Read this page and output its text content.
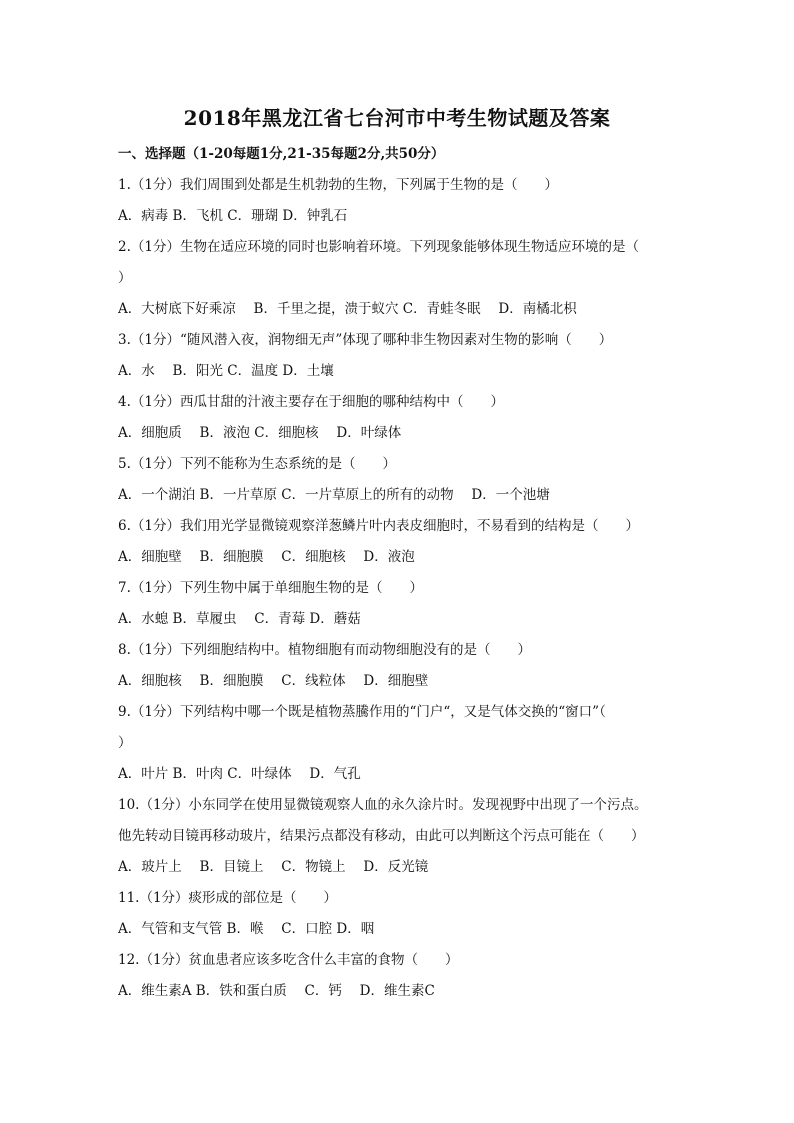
2018年黑龙江省七台河市中考生物试题及答案
一、选择题（1-20每题1分,21-35每题2分,共50分）
1.（1分）我们周围到处都是生机勃勃的生物，下列属于生物的是（　　）
A．病毒 B．飞机 C．珊瑚 D．钟乳石
2.（1分）生物在适应环境的同时也影响着环境。下列现象能够体现生物适应环境的是（
）
A．大树底下好乘凉　 B．千里之提，溃于蚁穴 C．青蛙冬眠　 D．南橘北枳
3.（1分）“随风潜入夜，润物细无声”体现了哪种非生物因素对生物的影响（　　）
A．水　 B．阳光 C．温度 D．土壤
4.（1分）西瓜甘甜的汁液主要存在于细胞的哪种结构中（　　）
A．细胞质　 B．液泡 C．细胞核　 D．叶绿体
5.（1分）下列不能称为生态系统的是（　　）
A．一个湖泊 B．一片草原 C．一片草原上的所有的动物　 D．一个池塘
6.（1分）我们用光学显微镜观察洋葱鳞片叶内表皮细胞时，不易看到的结构是（　　）
A．细胞壁　 B．细胞膜　 C．细胞核　 D．液泡
7.（1分）下列生物中属于单细胞生物的是（　　）
A．水螅 B．草履虫　 C．青莓 D．蘑菇
8.（1分）下列细胞结构中。植物细胞有而动物细胞没有的是（　　）
A．细胞核　 B．细胞膜　 C．线粒体　 D．细胞壁
9.（1分）下列结构中哪一个既是植物蒸騰作用的“门户“，又是气体交换的“窗口”（
）
A．叶片 B．叶肉 C．叶绿体　 D．气孔
10.（1分）小东同学在使用显微镜观察人血的永久涂片时。发现视野中出现了一个污点。
他先转动目镜再移动玻片，结果污点都没有移动，由此可以判断这个污点可能在（　　）
A．玻片上　 B．目镜上　 C．物镜上　 D．反光镜
11.（1分）痰形成的部位是（　　）
A．气管和支气管 B．喉　 C．口腔 D．咽
12.（1分）贫血患者应该多吃含什么丰富的食物（　　）
A．维生素A B．铁和蛋白质　 C．钙　 D．维生素C
